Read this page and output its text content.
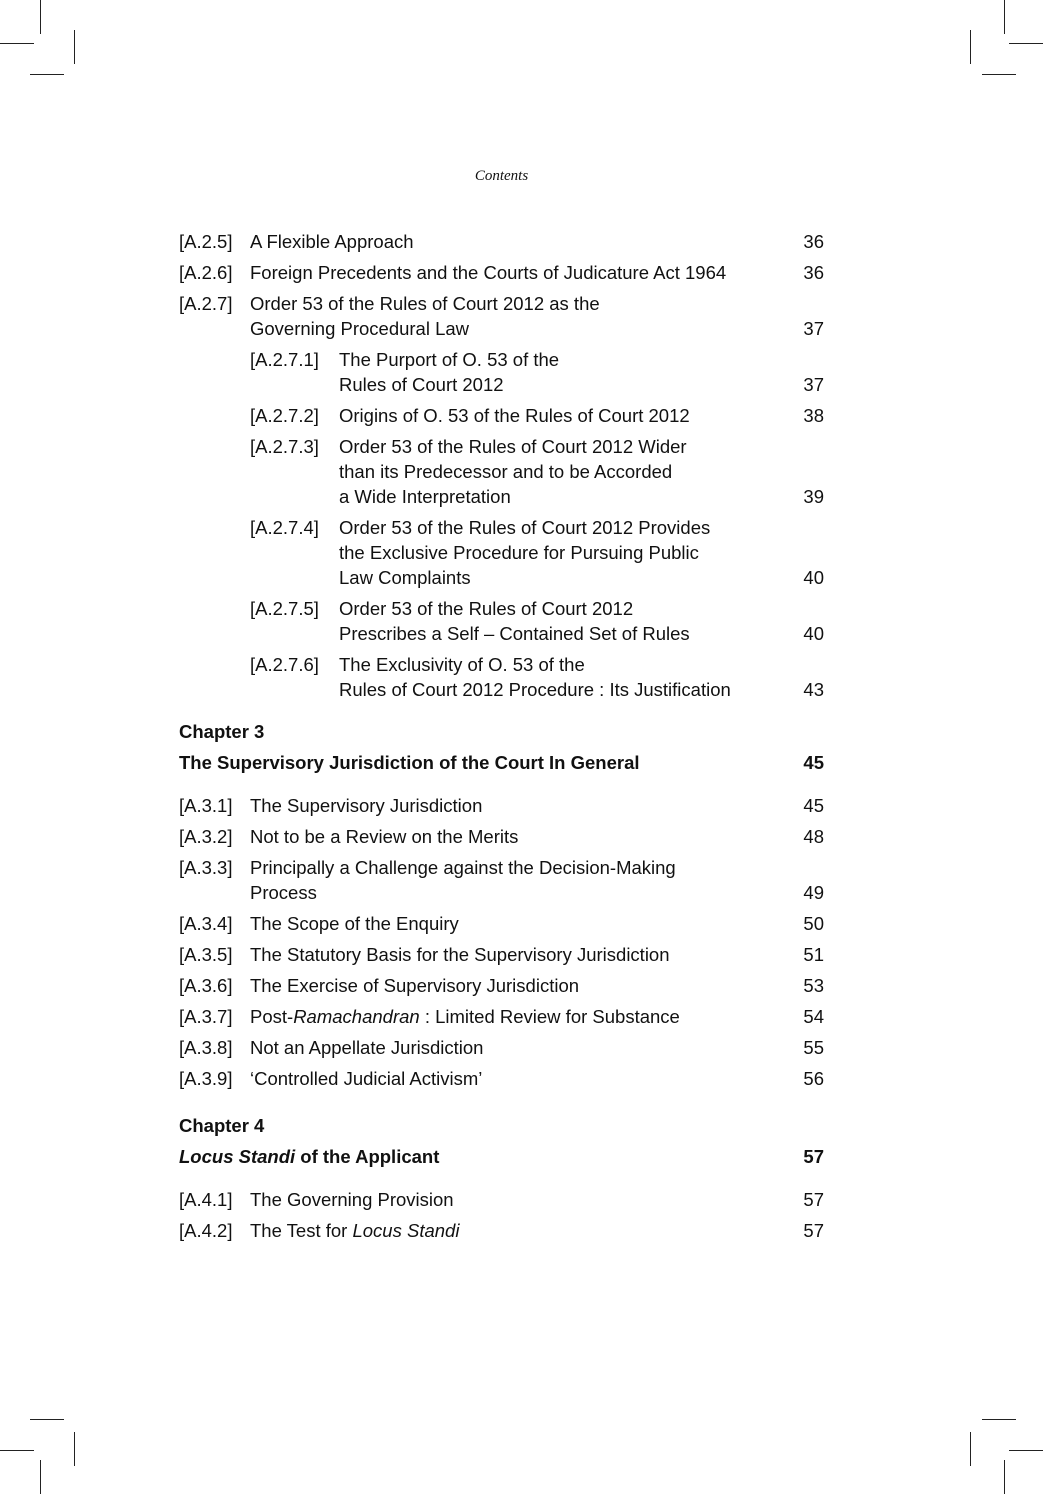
Contents
[A.2.5] A Flexible Approach	36
[A.2.6] Foreign Precedents and the Courts of Judicature Act 1964	36
[A.2.7] Order 53 of the Rules of Court 2012 as the
Governing Procedural Law	37
[A.2.7.1] The Purport of O. 53 of the
Rules of Court 2012	37
[A.2.7.2] Origins of O. 53 of the Rules of Court 2012	38
[A.2.7.3] Order 53 of the Rules of Court 2012 Wider
than its Predecessor and to be Accorded
a Wide Interpretation	39
[A.2.7.4] Order 53 of the Rules of Court 2012 Provides
the Exclusive Procedure for Pursuing Public
Law Complaints	40
[A.2.7.5] Order 53 of the Rules of Court 2012
Prescribes a Self – Contained Set of Rules	40
[A.2.7.6] The Exclusivity of O. 53 of the
Rules of Court 2012 Procedure : Its Justification	43
Chapter 3
The Supervisory Jurisdiction of the Court In General	45
[A.3.1] The Supervisory Jurisdiction	45
[A.3.2] Not to be a Review on the Merits	48
[A.3.3] Principally a Challenge against the Decision-Making
Process	49
[A.3.4] The Scope of the Enquiry	50
[A.3.5] The Statutory Basis for the Supervisory Jurisdiction	51
[A.3.6] The Exercise of Supervisory Jurisdiction	53
[A.3.7] Post-Ramachandran : Limited Review for Substance	54
[A.3.8] Not an Appellate Jurisdiction	55
[A.3.9] ‘Controlled Judicial Activism’	56
Chapter 4
Locus Standi of the Applicant	57
[A.4.1] The Governing Provision	57
[A.4.2] The Test for Locus Standi	57
